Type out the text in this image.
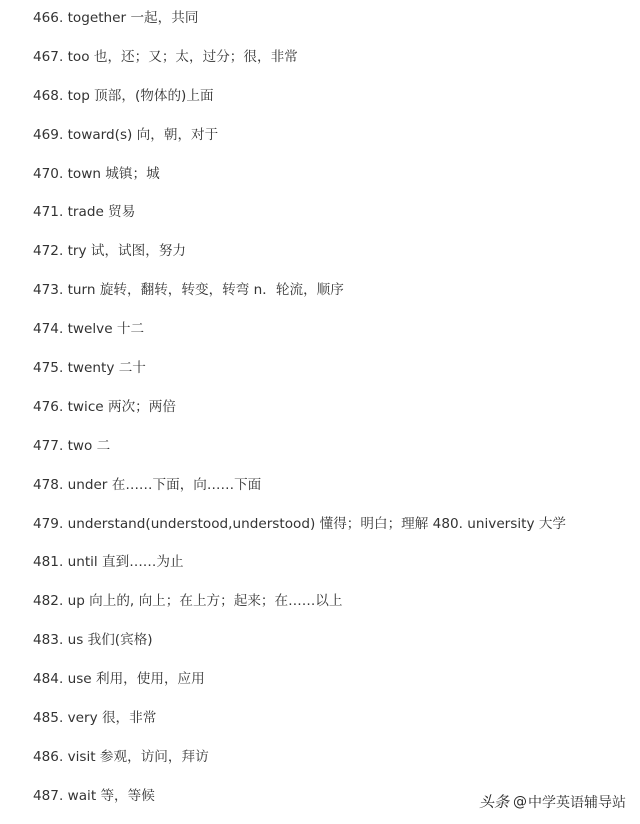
466. together 一起，共同
467. too 也，还；又；太，过分；很，非常
468. top 顶部，(物体的)上面
469. toward(s) 向，朝，对于
470. town 城镇；城
471. trade 贸易
472. try 试，试图，努力
473. turn 旋转，翻转，转变，转弯 n．轮流，顺序
474. twelve 十二
475. twenty 二十
476. twice 两次；两倍
477. two 二
478. under 在……下面，向……下面
479. understand(understood,understood) 懂得；明白；理解 480. university 大学
481. until 直到……为止
482. up 向上的, 向上；在上方；起来；在……以上
483. us 我们(宾格)
484. use 利用，使用，应用
485. very 很，非常
486. visit 参观，访问，拜访
487. wait 等，等候	头条 @ 中学英语辅导站
